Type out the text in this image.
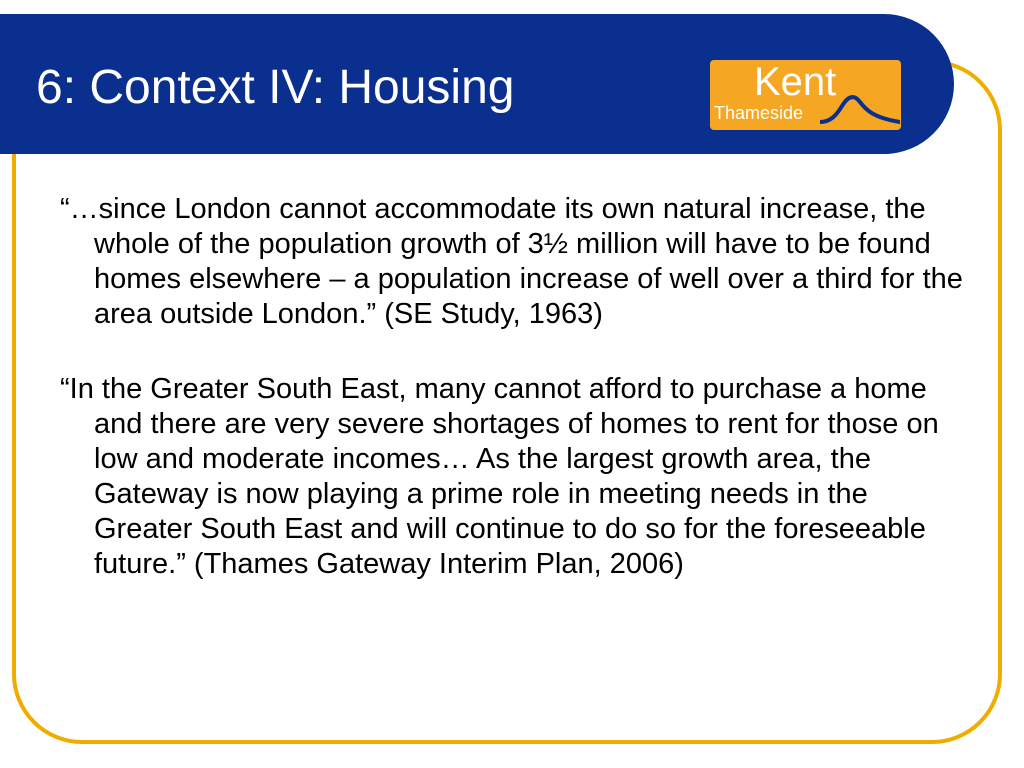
6: Context IV: Housing	Kent
Thameside

“…since London cannot accommodate its own natural increase, the whole of the population growth of 3½ million will have to be found homes elsewhere – a population increase of well over a third for the area outside London.” (SE Study, 1963)

“In the Greater South East, many cannot afford to purchase a home and there are very severe shortages of homes to rent for those on low and moderate incomes… As the largest growth area, the Gateway is now playing a prime role in meeting needs in the Greater South East and will continue to do so for the foreseeable future.” (Thames Gateway Interim Plan, 2006)
